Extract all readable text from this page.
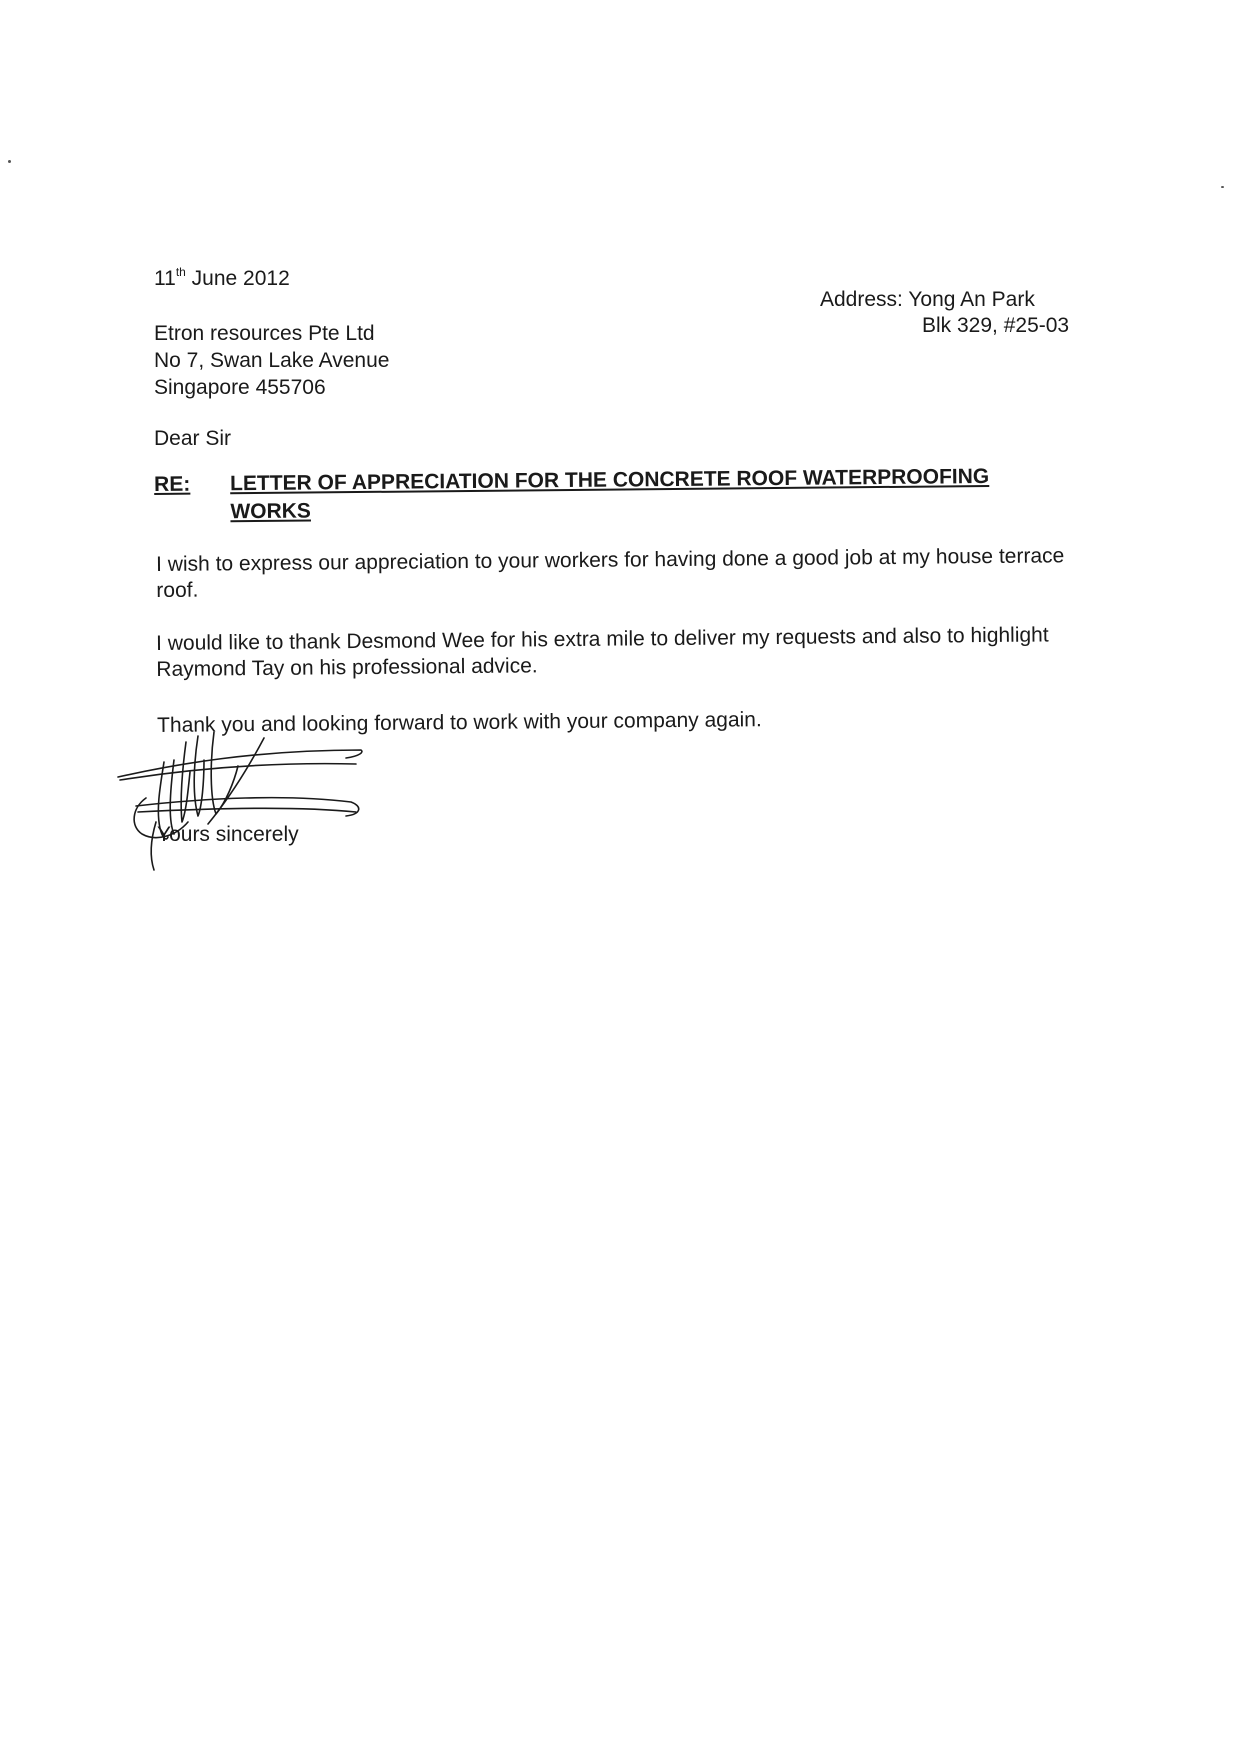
11th June 2012
Address: Yong An Park
Blk 329, #25-03
Etron resources Pte Ltd
No 7, Swan Lake Avenue
Singapore 455706
Dear Sir
RE: LETTER OF APPRECIATION FOR THE CONCRETE ROOF WATERPROOFING
WORKS
I wish to express our appreciation to your workers for having done a good job at my house terrace roof.
I would like to thank Desmond Wee for his extra mile to deliver my requests and also to highlight Raymond Tay on his professional advice.
Thank you and looking forward to work with your company again.
Yours sincerely
